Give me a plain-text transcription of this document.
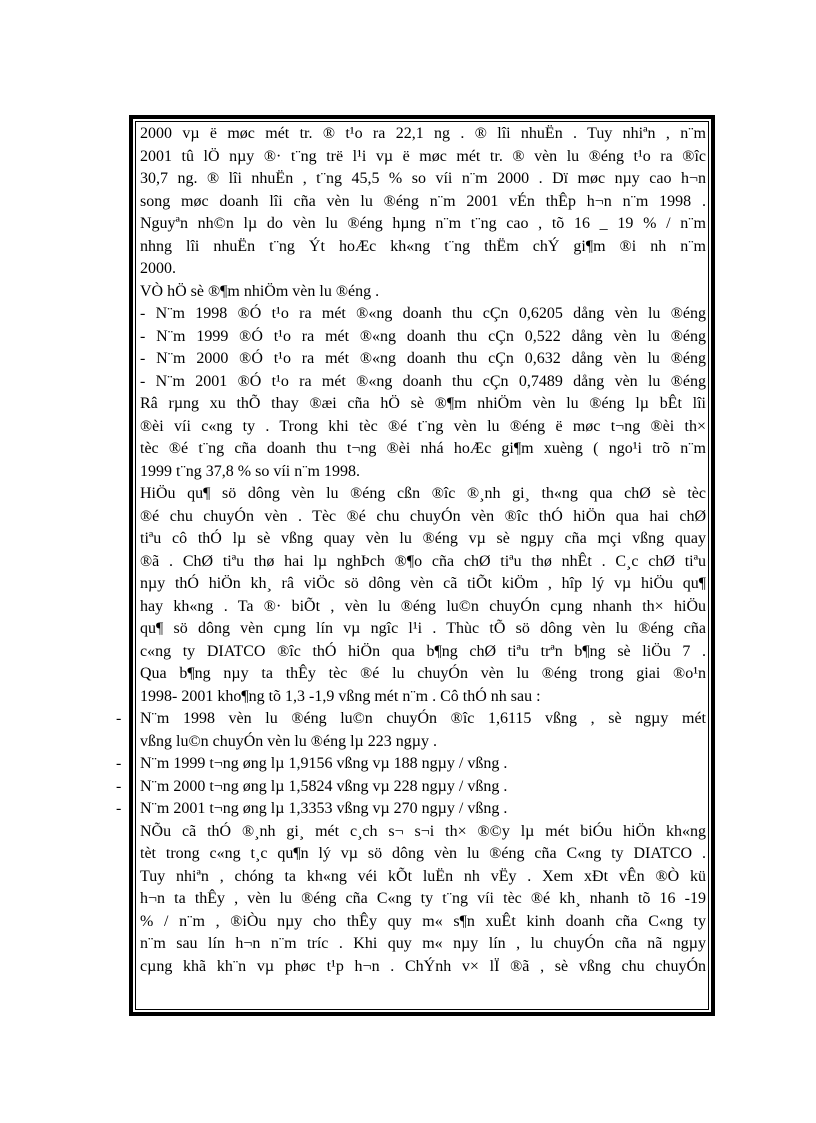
2000 vµ ë møc mét tr. ® t¹o ra 22,1 ng . ® lîi nhuËn . Tuy nhiªn , n¨m
2001 tû lÖ nµy ®· t¨ng trë l¹i vµ ë møc mét tr. ® vèn lu ®éng t¹o ra ®îc
30,7 ng. ® lîi nhuËn , t¨ng 45,5 % so víi n¨m 2000 . Dï møc nµy cao h¬n
song møc doanh lîi cña vèn lu ®éng n¨m 2001 vÉn thÊp h¬n n¨m 1998 .
Nguyªn nh©n lµ do vèn lu ®éng hµng n¨m t¨ng cao , tõ 16 _ 19 % / n¨m
nhng lîi nhuËn t¨ng Ýt hoÆc kh«ng t¨ng thËm chÝ gi¶m ®i nh n¨m
2000.
VÒ hÖ sè ®¶m nhiÖm vèn lu ®éng .
- N¨m 1998 ®Ó t¹o ra mét ®«ng doanh thu cÇn 0,6205 dång vèn lu ®éng
- N¨m 1999 ®Ó t¹o ra mét ®«ng doanh thu cÇn 0,522 dång vèn lu ®éng
- N¨m 2000 ®Ó t¹o ra mét ®«ng doanh thu cÇn 0,632 dång vèn lu ®éng
- N¨m 2001 ®Ó t¹o ra mét ®«ng doanh thu cÇn 0,7489 dång vèn lu ®éng
Râ rµng xu thÕ thay ®æi cña hÖ sè ®¶m nhiÖm vèn lu ®éng lµ bÊt lîi
®èi víi c«ng ty . Trong khi tèc ®é t¨ng vèn lu ®éng ë møc t¬ng ®èi th×
tèc ®é t¨ng cña doanh thu t¬ng ®èi nhá hoÆc gi¶m xuèng ( ngo¹i trõ n¨m
1999 t¨ng 37,8 % so víi n¨m 1998.
HiÖu qu¶ sö dông vèn lu ®éng cßn ®îc ®¸nh gi¸ th«ng qua chØ sè tèc
®é chu chuyÓn vèn . Tèc ®é chu chuyÓn vèn ®îc thÓ hiÖn qua hai chØ
tiªu cô thÓ lµ sè vßng quay vèn lu ®éng vµ sè ngµy cña mçi vßng quay
®ã . ChØ tiªu thø hai lµ nghÞch ®¶o cña chØ tiªu thø nhÊt . C¸c chØ tiªu
nµy thÓ hiÖn kh¸ râ viÖc sö dông vèn cã tiÕt kiÖm , hîp lý vµ hiÖu qu¶
hay kh«ng . Ta ®· biÕt , vèn lu ®éng lu©n chuyÓn cµng nhanh th× hiÖu
qu¶ sö dông vèn cµng lín vµ ngîc l¹i . Thùc tÕ sö dông vèn lu ®éng cña
c«ng ty DIATCO ®îc thÓ hiÖn qua b¶ng chØ tiªu trªn b¶ng sè liÖu 7 .
Qua b¶ng nµy ta thÊy tèc ®é lu chuyÓn vèn lu ®éng trong giai ®o¹n
1998- 2001 kho¶ng tõ 1,3 -1,9 vßng mét n¨m . Cô thÓ nh sau :
N¨m 1998 vèn lu ®éng lu©n chuyÓn ®îc 1,6115 vßng , sè ngµy mét
vßng lu©n chuyÓn vèn lu ®éng lµ 223 ngµy .
N¨m 1999 t¬ng øng lµ 1,9156 vßng vµ 188 ngµy / vßng .
N¨m 2000 t¬ng øng lµ 1,5824 vßng vµ 228 ngµy / vßng .
N¨m 2001 t¬ng øng lµ 1,3353 vßng vµ 270 ngµy / vßng .
NÕu cã thÓ ®¸nh gi¸ mét c¸ch s¬ s¬i th× ®©y lµ mét biÓu hiÖn kh«ng
tèt trong c«ng t¸c qu¶n lý vµ sö dông vèn lu ®éng cña C«ng ty DIATCO .
Tuy nhiªn , chóng ta kh«ng véi kÕt luËn nh vËy . Xem xÐt vÊn ®Ò kü
h¬n ta thÊy , vèn lu ®éng cña C«ng ty t¨ng víi tèc ®é kh¸ nhanh tõ 16 -19
% / n¨m , ®iÒu nµy cho thÊy quy m« s¶n xuÊt kinh doanh cña C«ng ty
n¨m sau lín h¬n n¨m tríc . Khi quy m« nµy lín , lu chuyÓn cña nã ngµy
cµng khã kh¨n vµ phøc t¹p h¬n . ChÝnh v× lÏ ®ã , sè vßng chu chuyÓn
-
-
-
-
